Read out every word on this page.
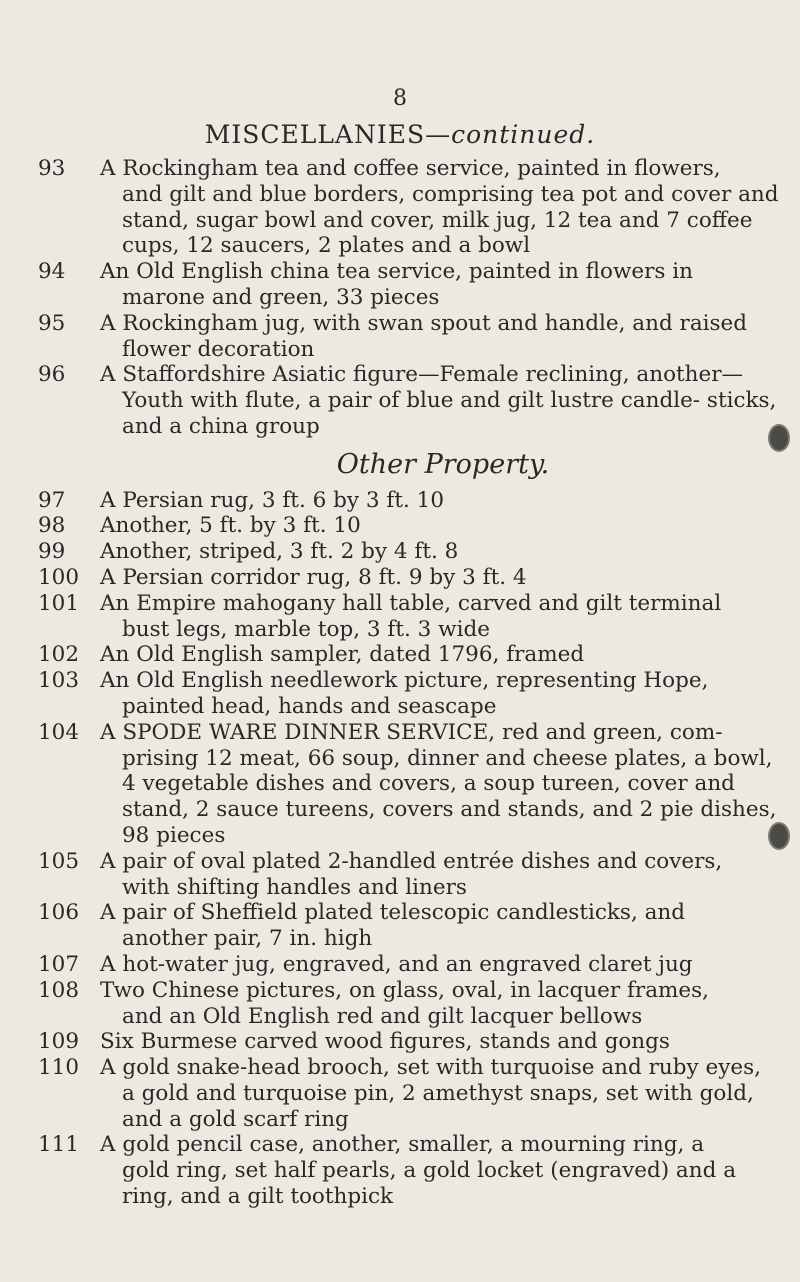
8
MISCELLANIES—continued.
93	A Rockingham tea and coffee service, painted in flowers,
and gilt and blue borders, comprising tea pot and cover and stand, sugar bowl and cover, milk jug, 12 tea and 7 coffee cups, 12 saucers, 2 plates and a bowl
94	An Old English china tea service, painted in flowers in
marone and green, 33 pieces
95	A Rockingham jug, with swan spout and handle, and raised
flower decoration
96	A Staffordshire Asiatic figure—Female reclining, another—
Youth with flute, a pair of blue and gilt lustre candle- sticks, and a china group
Other Property.
97	A Persian rug, 3 ft. 6 by 3 ft. 10
98	Another, 5 ft. by 3 ft. 10
99	Another, striped, 3 ft. 2 by 4 ft. 8
100 A Persian corridor rug, 8 ft. 9 by 3 ft. 4
101 An Empire mahogany hall table, carved and gilt terminal
bust legs, marble top, 3 ft. 3 wide
102 An Old English sampler, dated 1796, framed
103 An Old English needlework picture, representing Hope,
painted head, hands and seascape
104 A SPODE WARE DINNER SERVICE, red and green, com-
prising 12 meat, 66 soup, dinner and cheese plates, a bowl, 4 vegetable dishes and covers, a soup tureen, cover and stand, 2 sauce tureens, covers and stands, and 2 pie dishes, 98 pieces
105 A pair of oval plated 2-handled entrée dishes and covers,
with shifting handles and liners
106 A pair of Sheffield plated telescopic candlesticks, and
another pair, 7 in. high
107 A hot-water jug, engraved, and an engraved claret jug
108 Two Chinese pictures, on glass, oval, in lacquer frames,
and an Old English red and gilt lacquer bellows
109 Six Burmese carved wood figures, stands and gongs
110 A gold snake-head brooch, set with turquoise and ruby eyes,
a gold and turquoise pin, 2 amethyst snaps, set with gold, and a gold scarf ring
111 A gold pencil case, another, smaller, a mourning ring, a
gold ring, set half pearls, a gold locket (engraved) and a ring, and a gilt toothpick
